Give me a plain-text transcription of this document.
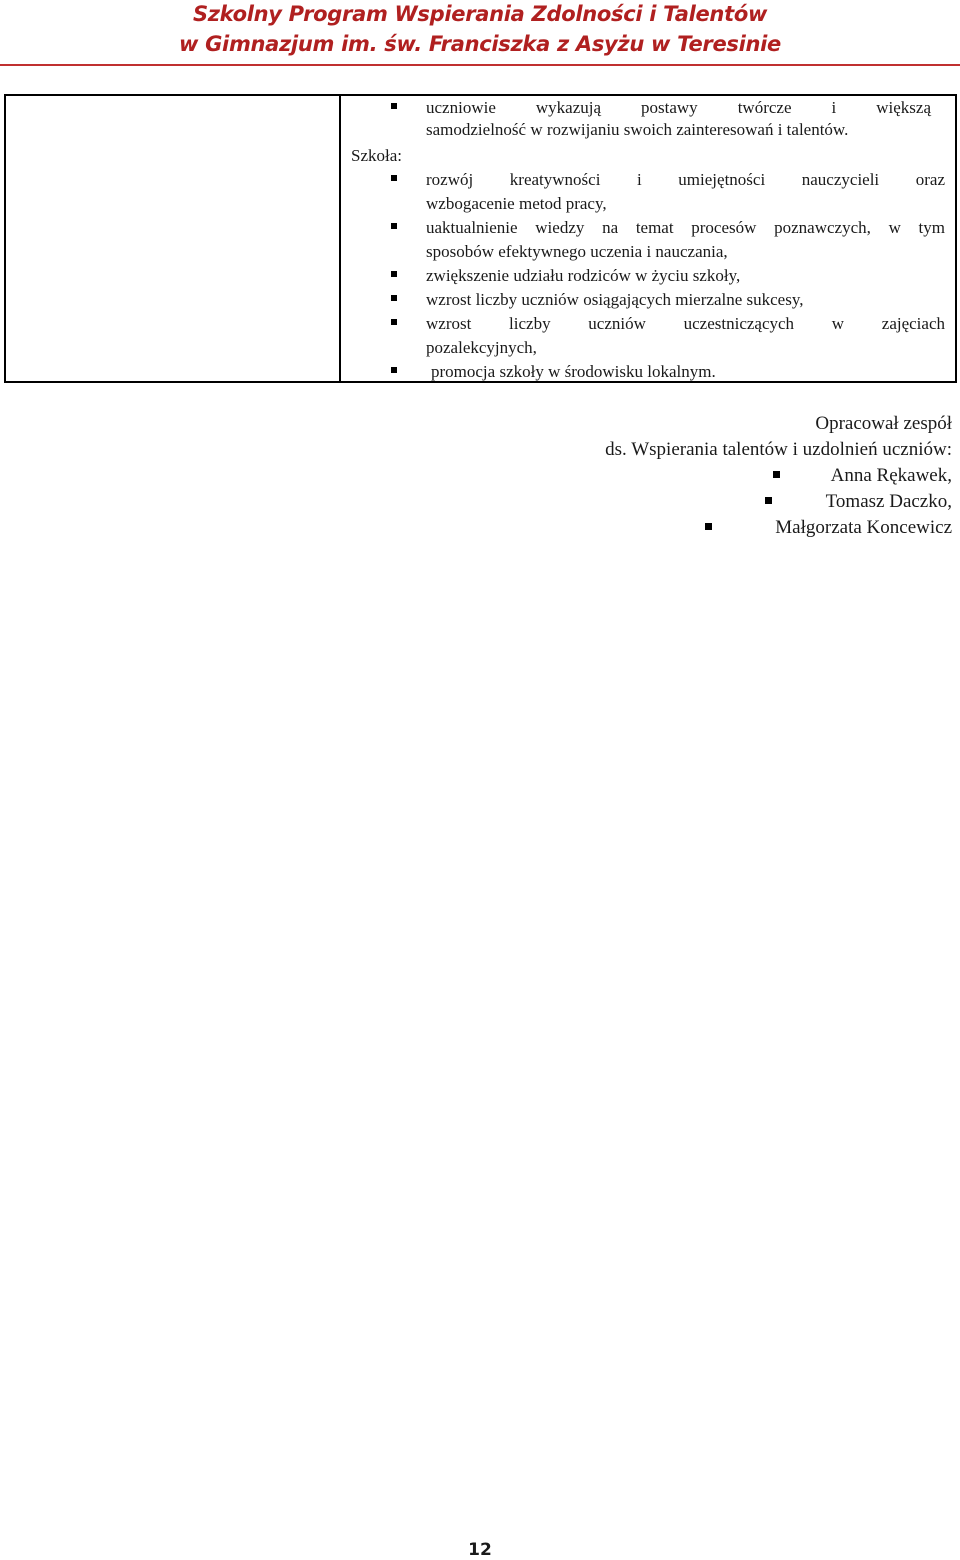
Szkolny Program Wspierania Zdolności i Talentów
w Gimnazjum im. św. Franciszka z Asyżu w Teresinie

uczniowie wykazują postawy twórcze i większą
samodzielność w rozwijaniu swoich zainteresowań i talentów.
Szkoła:
rozwój kreatywności i umiejętności nauczycieli oraz
wzbogacenie metod pracy,
uaktualnienie wiedzy na temat procesów poznawczych, w tym
sposobów efektywnego uczenia i nauczania,
zwiększenie udziału rodziców w życiu szkoły,
wzrost liczby uczniów osiągających mierzalne sukcesy,
wzrost liczby uczniów uczestniczących w zajęciach
pozalekcyjnych,
promocja szkoły w środowisku lokalnym.
Opracował zespół
ds. Wspierania talentów i uzdolnień uczniów:
Anna Rękawek,
Tomasz Daczko,
Małgorzata Koncewicz
12
